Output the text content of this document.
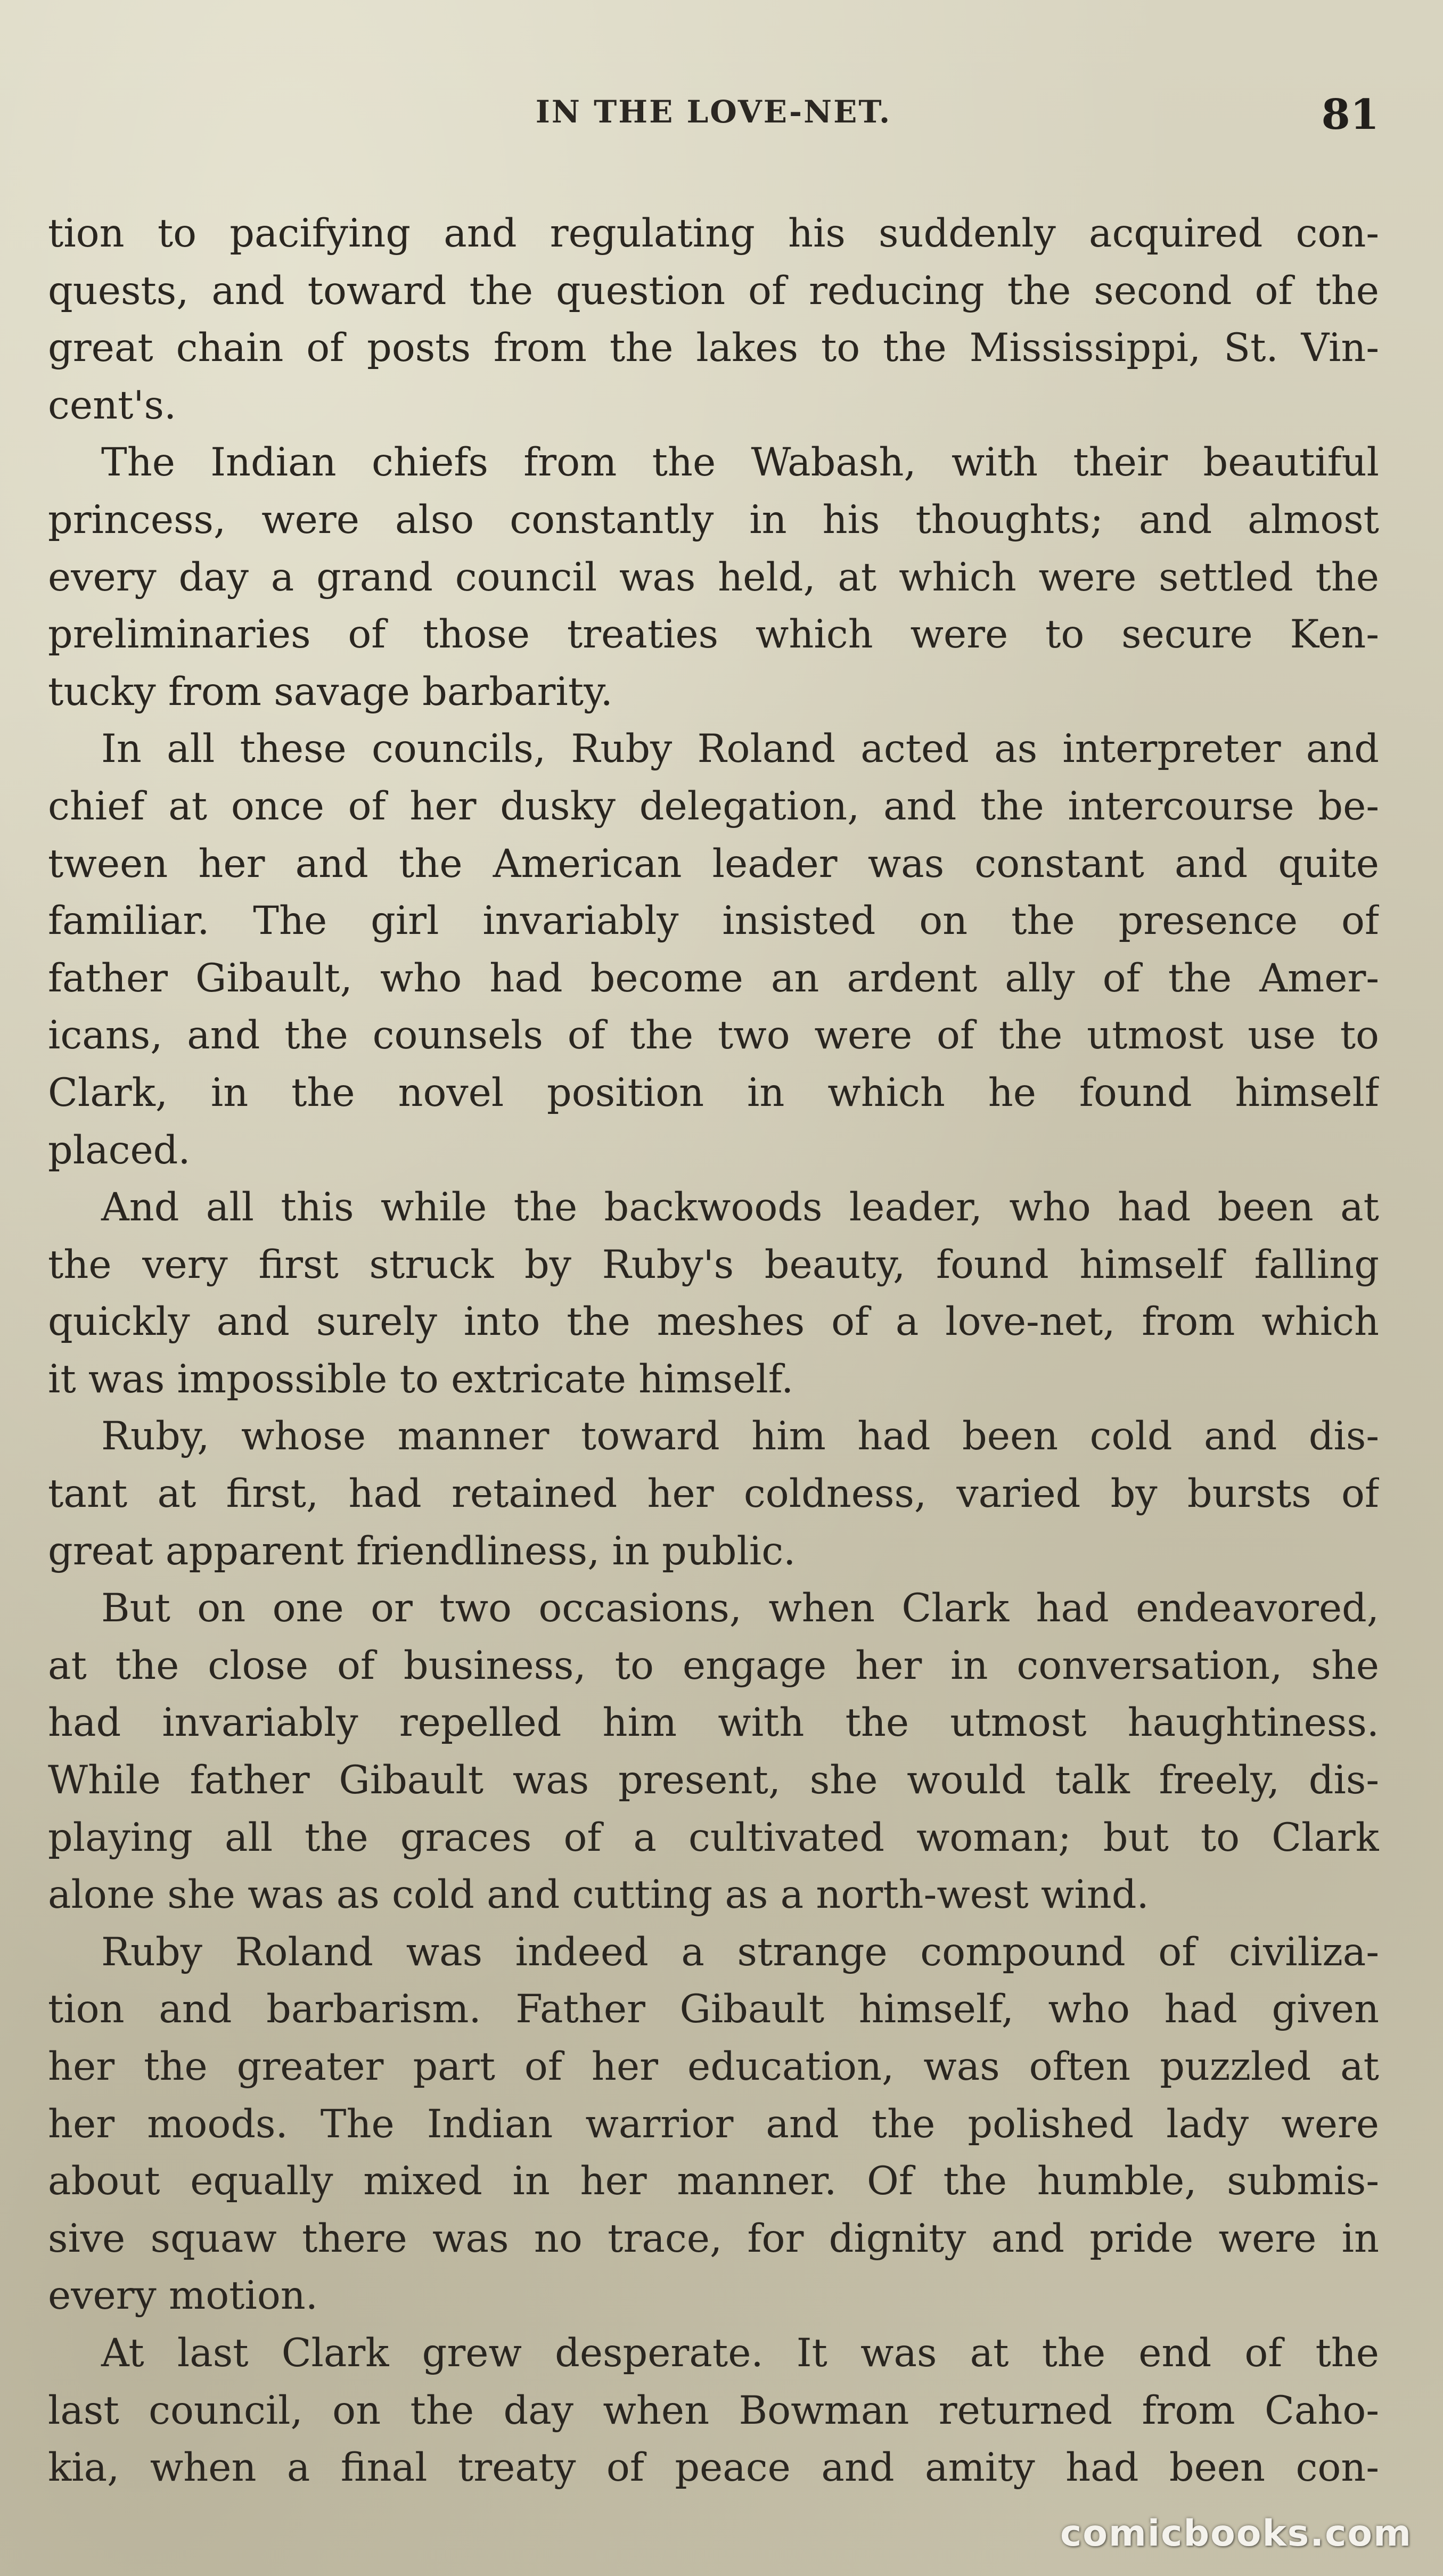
IN THE LOVE-NET.	81
tion to pacifying and regulating his suddenly acquired con-
quests, and toward the question of reducing the second of the
great chain of posts from the lakes to the Mississippi, St. Vin-
cent's.
The Indian chiefs from the Wabash, with their beautiful
princess, were also constantly in his thoughts; and almost
every day a grand council was held, at which were settled the
preliminaries of those treaties which were to secure Ken-
tucky from savage barbarity.
In all these councils, Ruby Roland acted as interpreter and
chief at once of her dusky delegation, and the intercourse be-
tween her and the American leader was constant and quite
familiar. The girl invariably insisted on the presence of
father Gibault, who had become an ardent ally of the Amer-
icans, and the counsels of the two were of the utmost use to
Clark, in the novel position in which he found himself
placed.
And all this while the backwoods leader, who had been at
the very first struck by Ruby's beauty, found himself falling
quickly and surely into the meshes of a love-net, from which
it was impossible to extricate himself.
Ruby, whose manner toward him had been cold and dis-
tant at first, had retained her coldness, varied by bursts of
great apparent friendliness, in public.
But on one or two occasions, when Clark had endeavored,
at the close of business, to engage her in conversation, she
had invariably repelled him with the utmost haughtiness.
While father Gibault was present, she would talk freely, dis-
playing all the graces of a cultivated woman; but to Clark
alone she was as cold and cutting as a north-west wind.
Ruby Roland was indeed a strange compound of civiliza-
tion and barbarism. Father Gibault himself, who had given
her the greater part of her education, was often puzzled at
her moods. The Indian warrior and the polished lady were
about equally mixed in her manner. Of the humble, submis-
sive squaw there was no trace, for dignity and pride were in
every motion.
At last Clark grew desperate. It was at the end of the
last council, on the day when Bowman returned from Caho-
kia, when a final treaty of peace and amity had been con-
comicbooks.com
